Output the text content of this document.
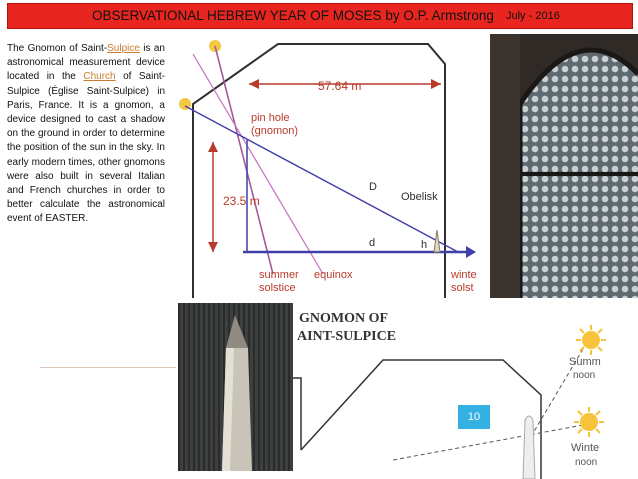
OBSERVATIONAL HEBREW YEAR OF MOSES by O.P. Armstrong July - 2016

The Gnomon of Saint-Sulpice is an astronomical measurement device located in the Church of Saint-Sulpice (Église Saint-Sulpice) in Paris, France. It is a gnomon, a device designed to cast a shadow on the ground in order to determine the position of the sun in the sky. In early modern times, other gnomons were also built in several Italian and French churches in order to better calculate the astronomical event of EASTER.

57.64 m
pin hole
(gnomon)
23.5 m	Obelisk
D
d	h
summer
solstice
equinox	winte
solst
GNOMON OF
AINT-SULPICE
Summ
noon
Winte
noon
10
